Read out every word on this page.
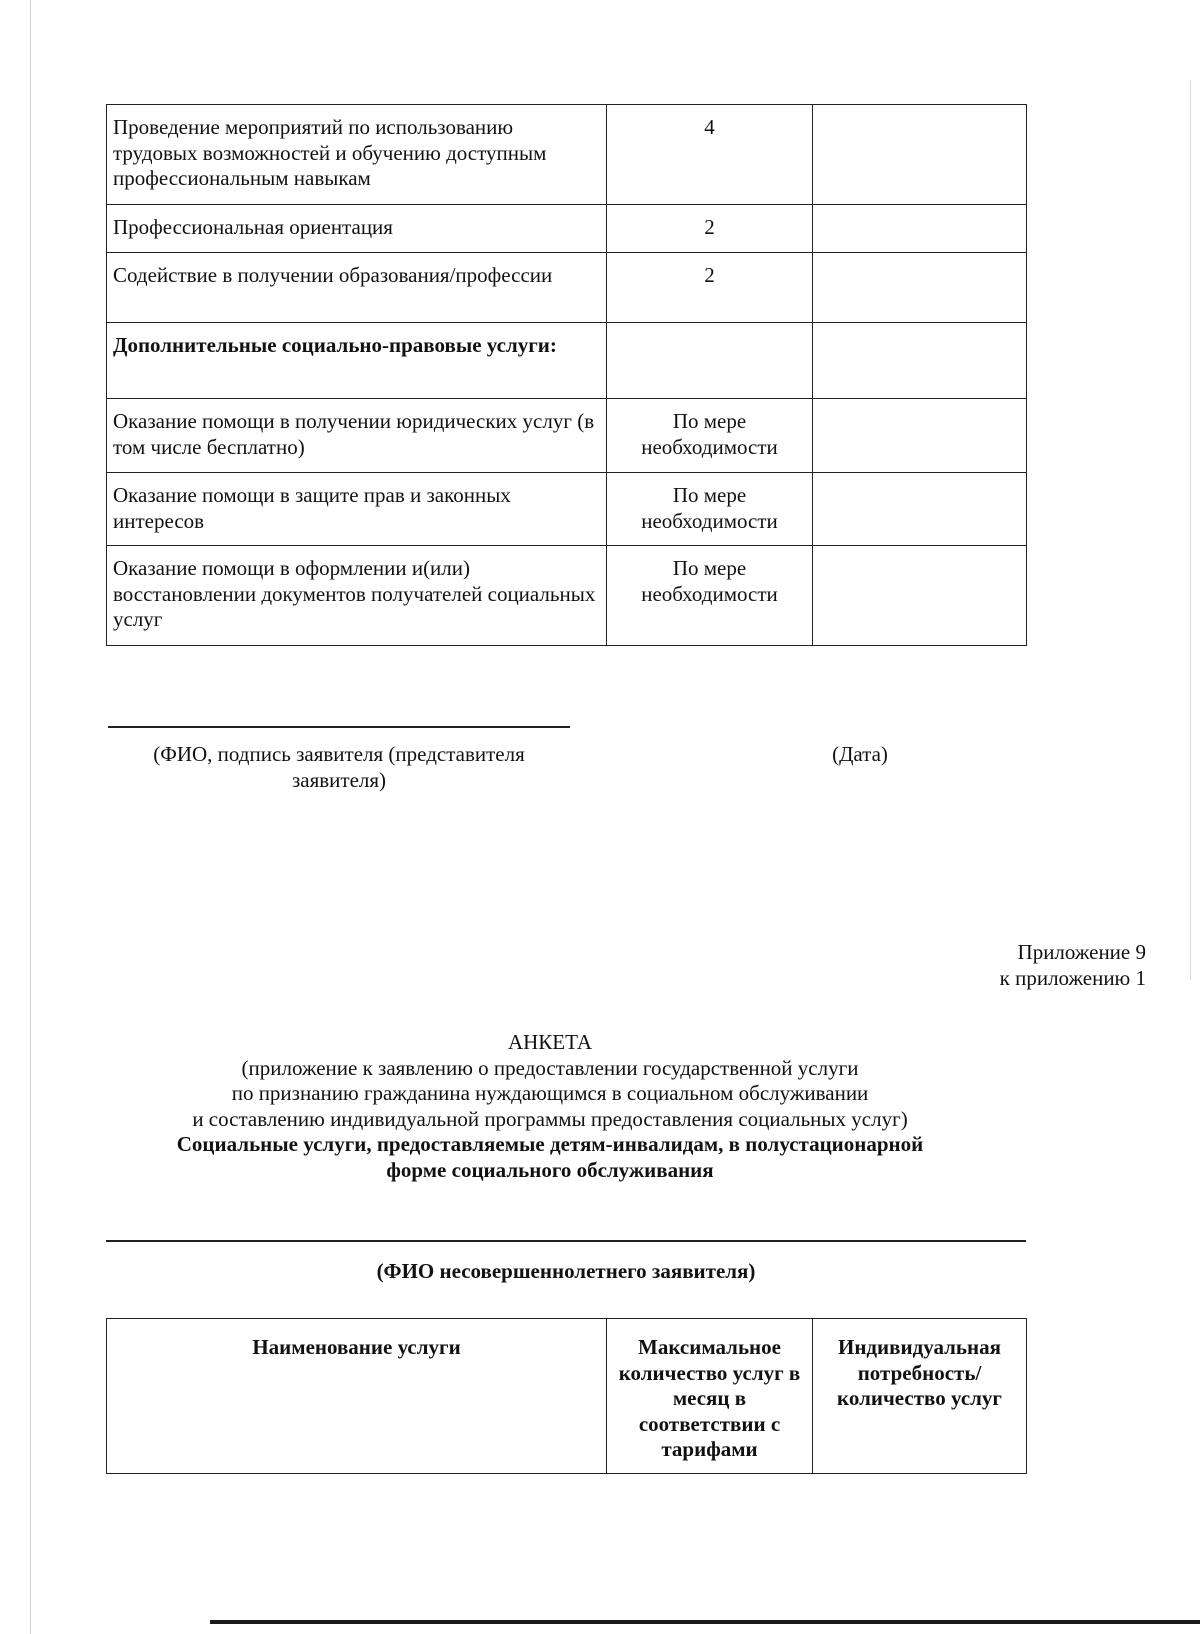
Проведение мероприятий по использованию трудовых возможностей и обучению доступным профессиональным навыкам	4	
Профессиональная ориентация	2	
Содействие в получении образования/профессии	2	
Дополнительные социально-правовые услуги:		
Оказание помощи в получении юридических услуг (в том числе бесплатно)	По мере необходимости	
Оказание помощи в защите прав и законных интересов	По мере необходимости	
Оказание помощи в оформлении и(или) восстановлении документов получателей социальных услуг	По мере необходимости	
(ФИО, подпись заявителя (представителя заявителя)
(Дата)
Приложение 9
к приложению 1
АНКЕТА
(приложение к заявлению о предоставлении государственной услуги
по признанию гражданина нуждающимся в социальном обслуживании
и составлению индивидуальной программы предоставления социальных услуг)
Социальные услуги, предоставляемые детям-инвалидам, в полустационарной
форме социального обслуживания
(ФИО несовершеннолетнего заявителя)
Наименование услуги	Максимальное количество услуг в месяц в соответствии с тарифами	Индивидуальная потребность/количество услуг
